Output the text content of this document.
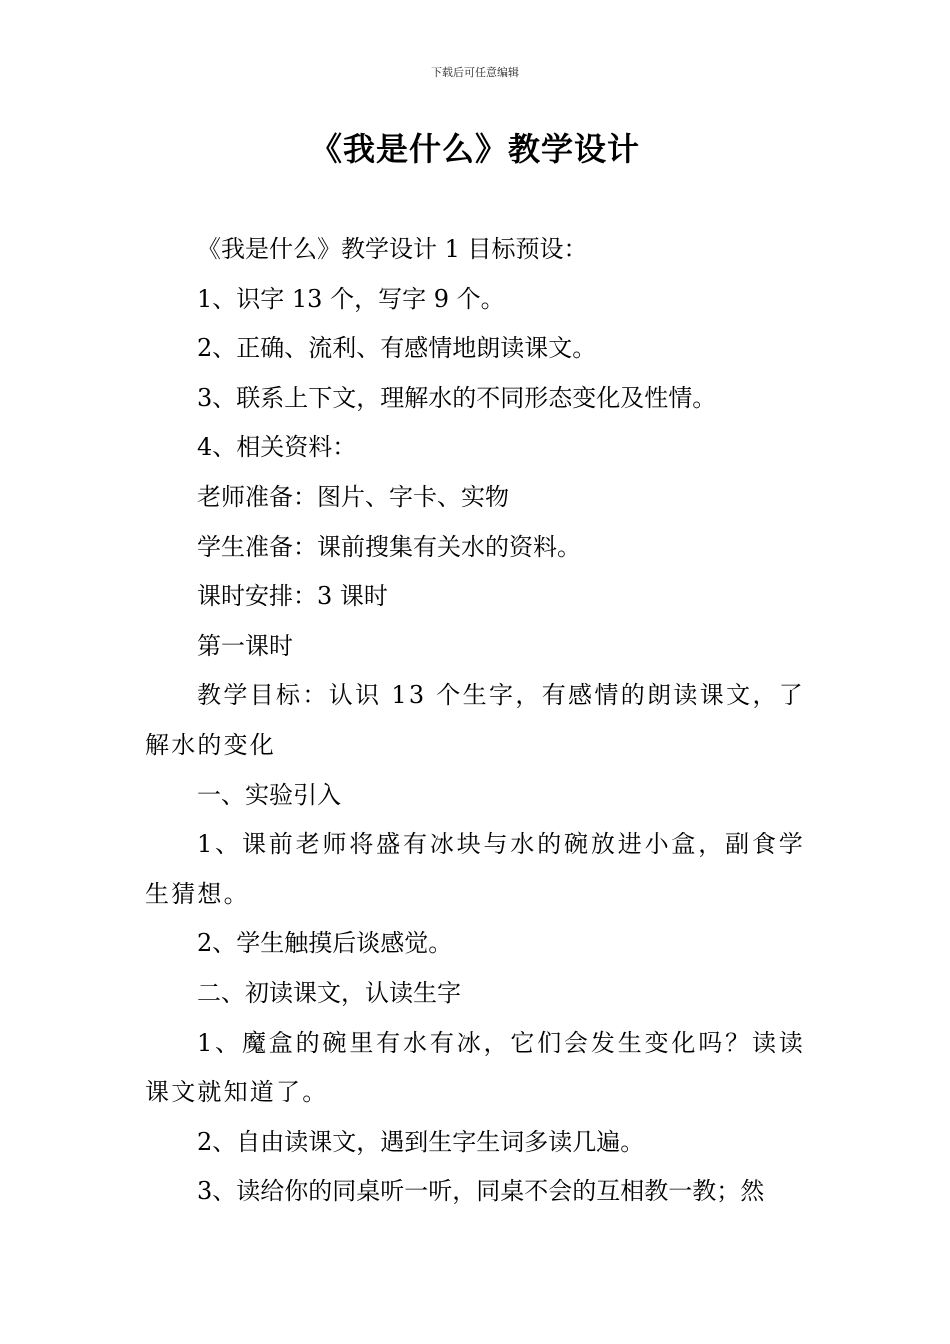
下载后可任意编辑
《我是什么》教学设计

《我是什么》教学设计 1 目标预设：

1、识字 13 个，写字 9 个。

2、正确、流利、有感情地朗读课文。

3、联系上下文，理解水的不同形态变化及性情。

4、相关资料：

老师准备：图片、字卡、实物

学生准备：课前搜集有关水的资料。

课时安排：3 课时

第一课时

教学目标：认识 13 个生字，有感情的朗读课文，了解水的变化

一、实验引入

1、课前老师将盛有冰块与水的碗放进小盒，副食学生猜想。

2、学生触摸后谈感觉。

二、初读课文，认读生字

1、魔盒的碗里有水有冰，它们会发生变化吗？读读课文就知道了。

2、自由读课文，遇到生字生词多读几遍。

3、读给你的同桌听一听，同桌不会的互相教一教；然
